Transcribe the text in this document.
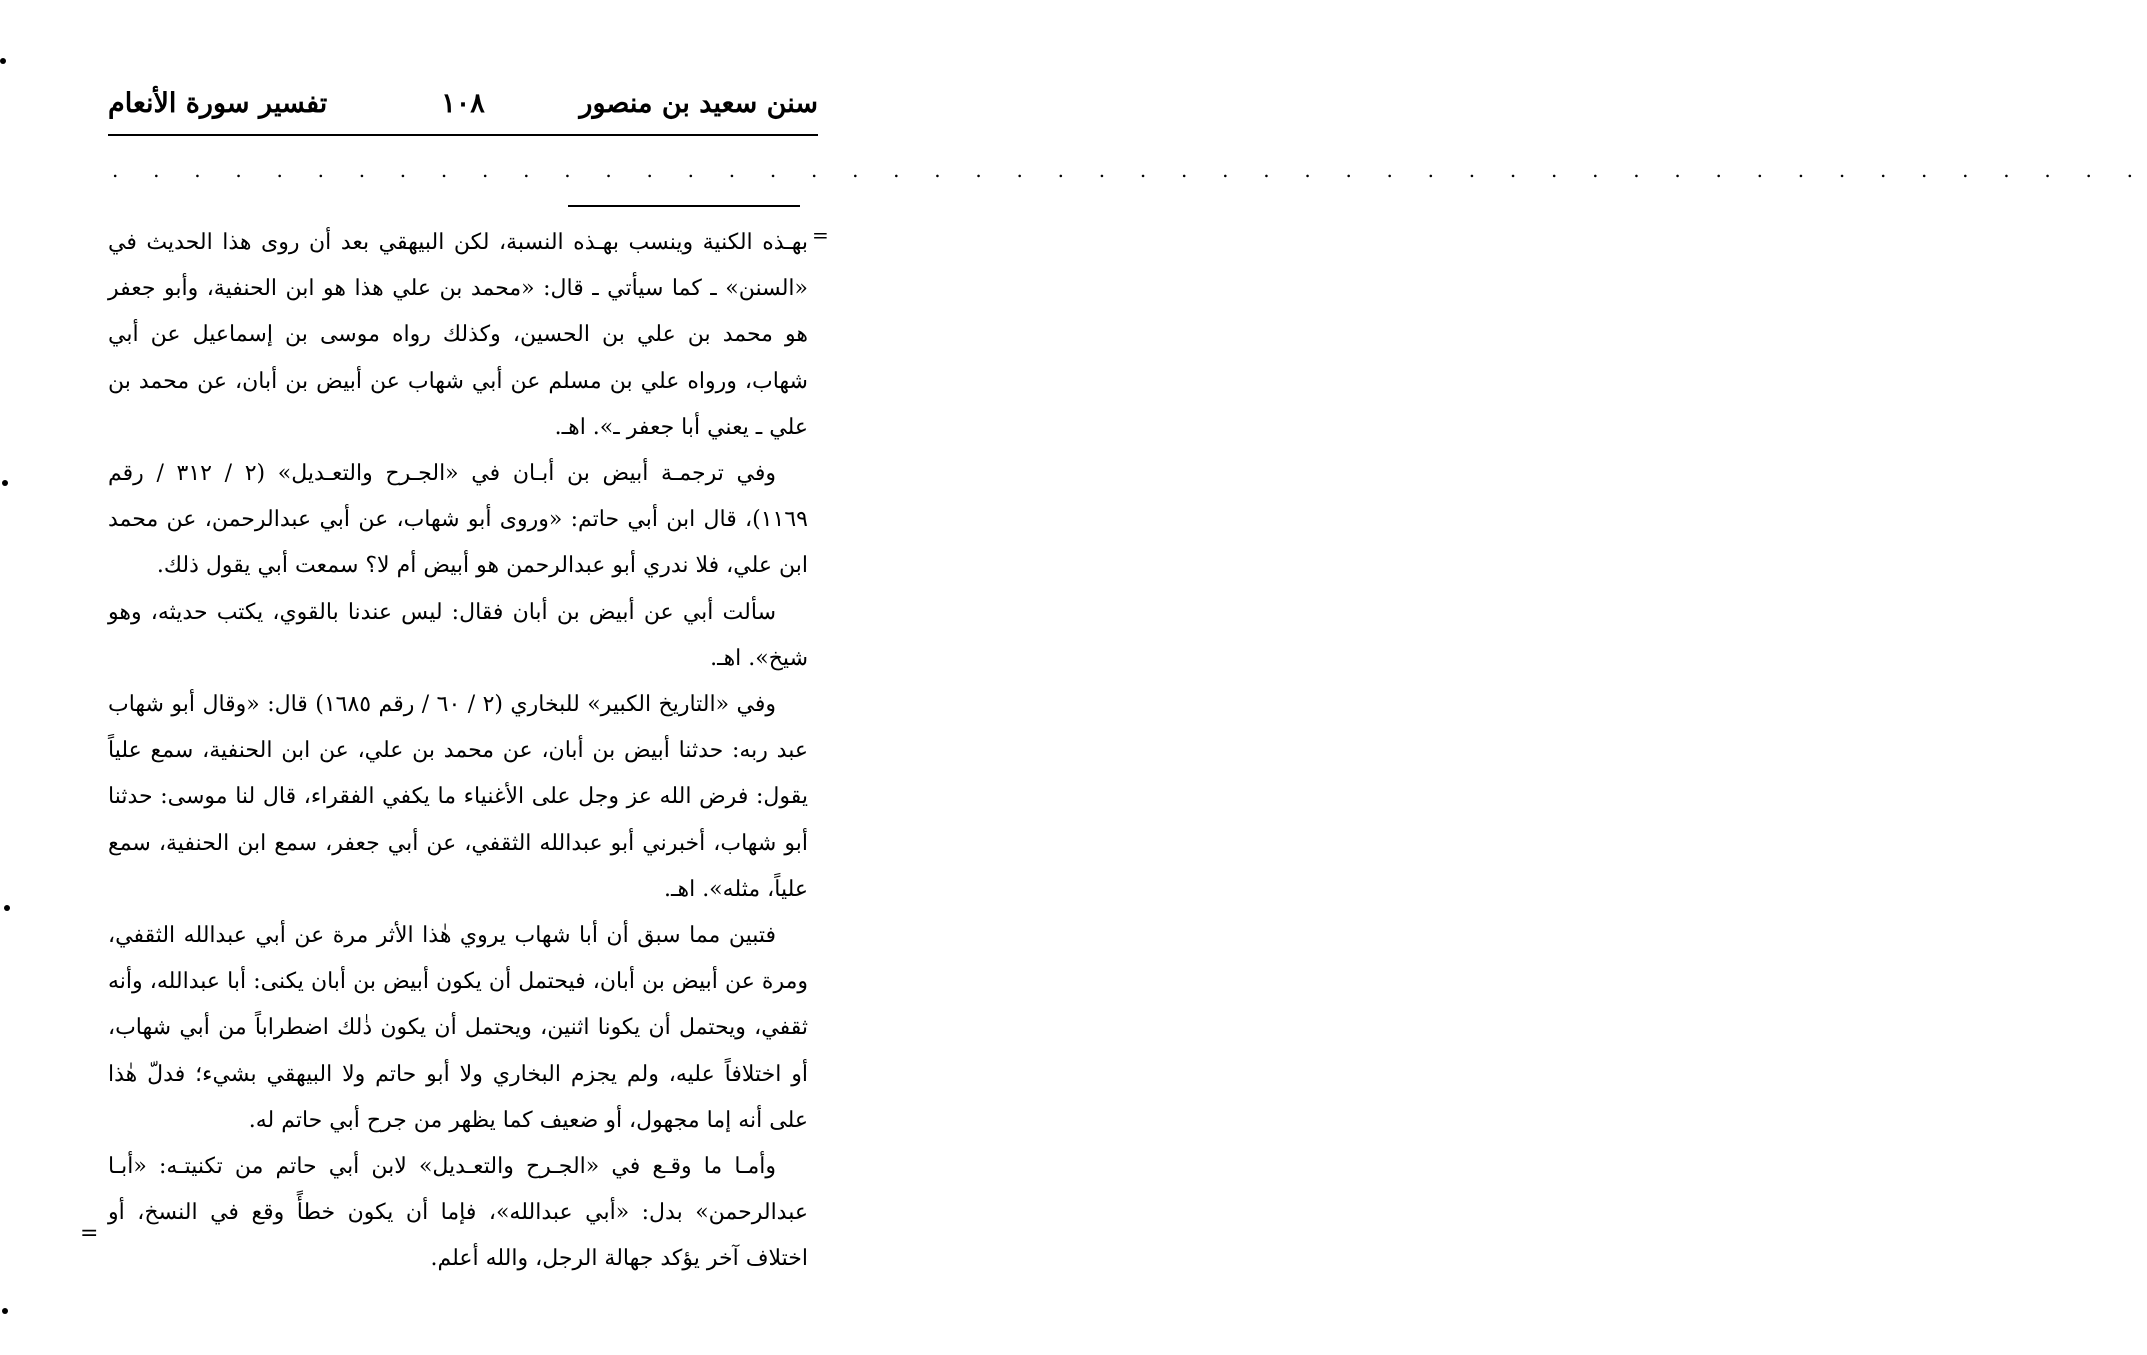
سنن سعيد بن منصور
١٠٨
تفسير سورة الأنعام
. . . . . . . . . . . . . . . . . . . . . . . . . . . . . . . . . . . . . . . . . . . . . . . . . .
=

بهـذه الكنية وينسب بهـذه النسبة، لكن البيهقي بعد أن روى هذا الحديث في «السنن» ـ كما سيأتي ـ قال: «محمد بن علي هذا هو ابن الحنفية، وأبو جعفر هو محمد بن علي بن الحسين، وكذلك رواه موسى بن إسماعيل عن أبي شهاب، ورواه علي بن مسلم عن أبي شهاب عن أبيض بن أبان، عن محمد بن علي ـ يعني أبا جعفر ـ». اهـ.

وفي ترجمـة أبيض بن أبـان في «الجـرح والتعـديل» (٢ / ٣١٢ / رقم ١١٦٩)، قال ابن أبي حاتم: «وروى أبو شهاب، عن أبي عبدالرحمن، عن محمد ابن علي، فلا ندري أبو عبدالرحمن هو أبيض أم لا؟ سمعت أبي يقول ذلك.

سألت أبي عن أبيض بن أبان فقال: ليس عندنا بالقوي، يكتب حديثه، وهو شيخ». اهـ.

وفي «التاريخ الكبير» للبخاري (٢ / ٦٠ / رقم ١٦٨٥) قال: «وقال أبو شهاب عبد ربه: حدثنا أبيض بن أبان، عن محمد بن علي، عن ابن الحنفية، سمع علياً يقول: فرض الله عز وجل على الأغنياء ما يكفي الفقراء، قال لنا موسى: حدثنا أبو شهاب، أخبرني أبو عبدالله الثقفي، عن أبي جعفر، سمع ابن الحنفية، سمع علياً، مثله». اهـ.

فتبين مما سبق أن أبا شهاب يروي هٰذا الأثر مرة عن أبي عبدالله الثقفي، ومرة عن أبيض بن أبان، فيحتمل أن يكون أبيض بن أبان يكنى: أبا عبدالله، وأنه ثقفي، ويحتمل أن يكونا اثنين، ويحتمل أن يكون ذٰلك اضطراباً من أبي شهاب، أو اختلافاً عليه، ولم يجزم البخاري ولا أبو حاتم ولا البيهقي بشيء؛ فدلّ هٰذا على أنه إما مجهول، أو ضعيف كما يظهر من جرح أبي حاتم له.

وأمـا ما وقـع في «الجـرح والتعـديل» لابن أبي حاتم من تكنيتـه: «أبـا عبدالرحمن» بدل: «أبي عبدالله»، فإما أن يكون خطأً وقع في النسخ، أو اختلاف آخر يؤكد جهالة الرجل، والله أعلم.

=
